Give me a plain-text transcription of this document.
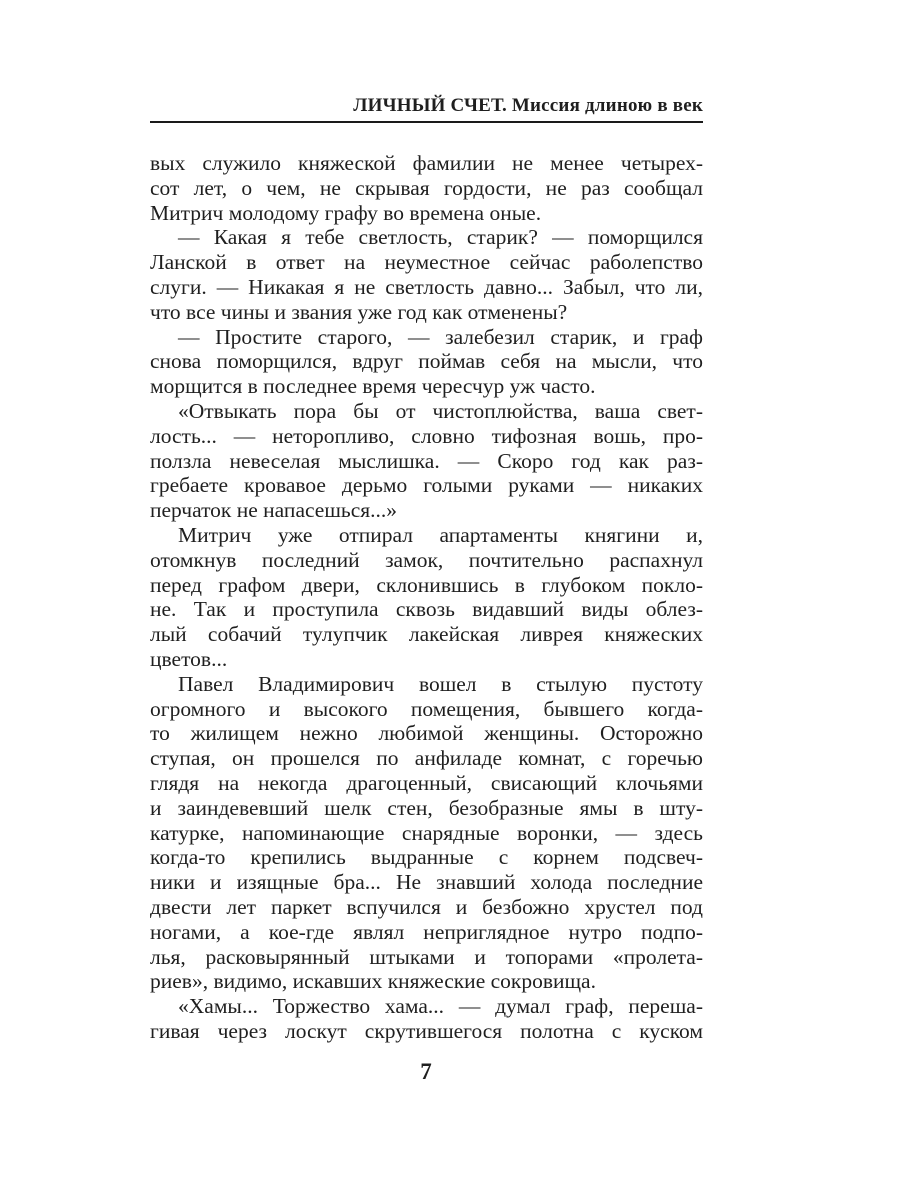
ЛИЧНЫЙ СЧЕТ. Миссия длиною в век
вых служило княжеской фамилии не менее четырех-
сот лет, о чем, не скрывая гордости, не раз сообщал
Митрич молодому графу во времена оные.
— Какая я тебе светлость, старик? — поморщился
Ланской в ответ на неуместное сейчас раболепство
слуги. — Никакая я не светлость давно... Забыл, что ли,
что все чины и звания уже год как отменены?
— Простите старого, — залебезил старик, и граф
снова поморщился, вдруг поймав себя на мысли, что
морщится в последнее время чересчур уж часто.
«Отвыкать пора бы от чистоплюйства, ваша свет-
лость... — неторопливо, словно тифозная вошь, про-
ползла невеселая мыслишка. — Скоро год как раз-
гребаете кровавое дерьмо голыми руками — никаких
перчаток не напасешься...»
Митрич уже отпирал апартаменты княгини и,
отомкнув последний замок, почтительно распахнул
перед графом двери, склонившись в глубоком покло-
не. Так и проступила сквозь видавший виды облез-
лый собачий тулупчик лакейская ливрея княжеских
цветов...
Павел Владимирович вошел в стылую пустоту
огромного и высокого помещения, бывшего когда-
то жилищем нежно любимой женщины. Осторожно
ступая, он прошелся по анфиладе комнат, с горечью
глядя на некогда драгоценный, свисающий клочьями
и заиндевевший шелк стен, безобразные ямы в шту-
катурке, напоминающие снарядные воронки, — здесь
когда-то крепились выдранные с корнем подсвеч-
ники и изящные бра... Не знавший холода последние
двести лет паркет вспучился и безбожно хрустел под
ногами, а кое-где являл неприглядное нутро подпо-
лья, расковырянный штыками и топорами «пролета-
риев», видимо, искавших княжеские сокровища.
«Хамы... Торжество хама... — думал граф, переша-
гивая через лоскут скрутившегося полотна с куском
7
